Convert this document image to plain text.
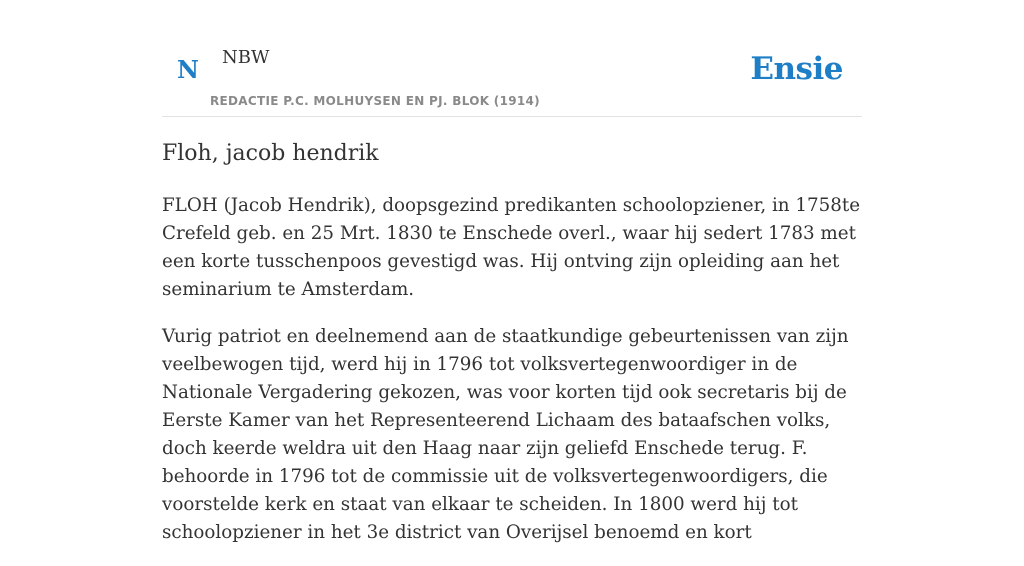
N NBW
REDACTIE P.C. MOLHUYSEN EN PJ. BLOK (1914)
Ensie
Floh, jacob hendrik

FLOH (Jacob Hendrik), doopsgezind predikanten schoolopziener, in 1758te Crefeld geb. en 25 Mrt. 1830 te Enschede overl., waar hij sedert 1783 met een korte tusschenpoos gevestigd was. Hij ontving zijn opleiding aan het seminarium te Amsterdam.

Vurig patriot en deelnemend aan de staatkundige gebeurtenissen van zijn veelbewogen tijd, werd hij in 1796 tot volksvertegenwoordiger in de Nationale Vergadering gekozen, was voor korten tijd ook secretaris bij de Eerste Kamer van het Representeerend Lichaam des bataafschen volks, doch keerde weldra uit den Haag naar zijn geliefd Enschede terug. F. behoorde in 1796 tot de commissie uit de volksvertegenwoordigers, die voorstelde kerk en staat van elkaar te scheiden. In 1800 werd hij tot schoolopziener in het 3e district van Overijsel benoemd en kort
